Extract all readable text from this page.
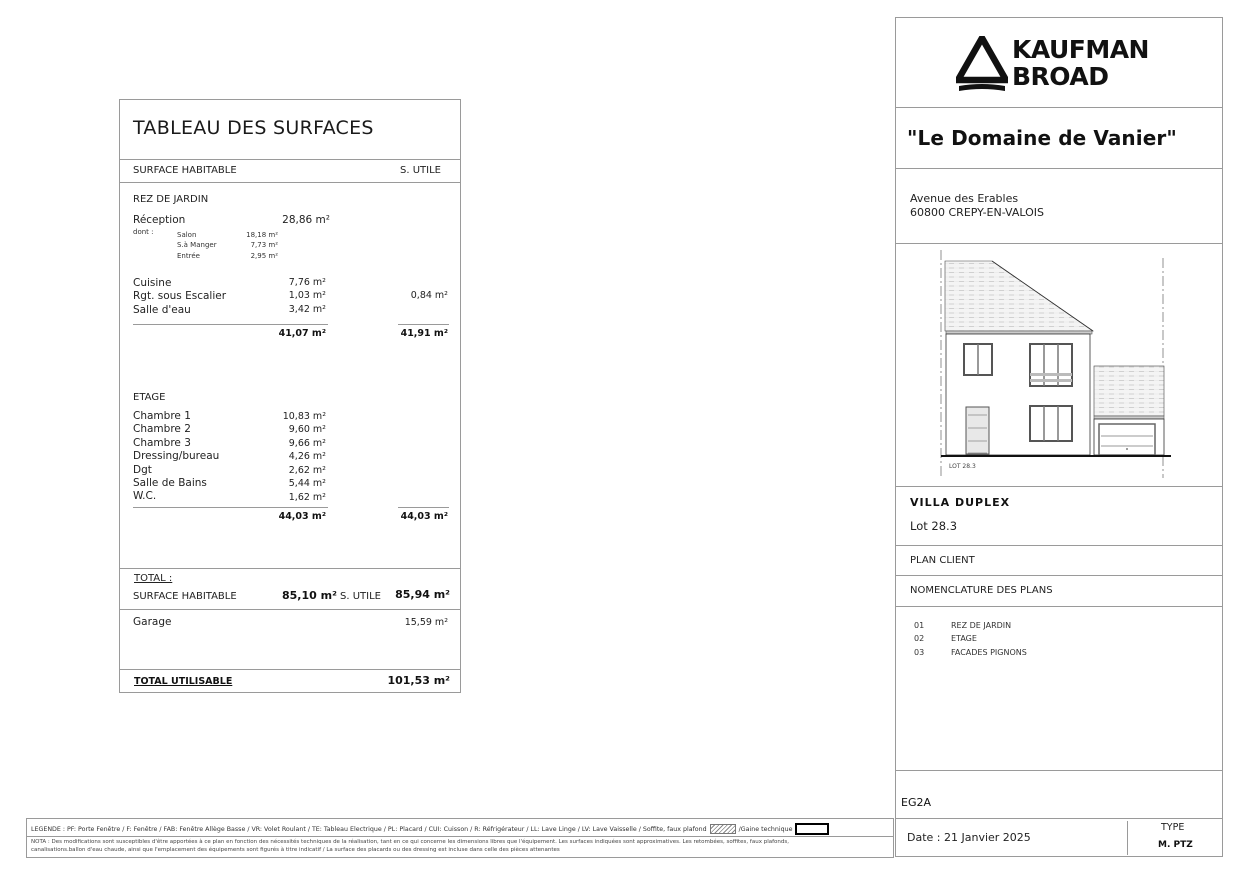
TABLEAU DES SURFACES
SURFACE HABITABLE	S. UTILE
REZ DE JARDIN
Réception	28,86 m²
dont :	Salon	18,18 m²
S.à Manger	7,73 m²
Entrée	2,95 m²
Cuisine	7,76 m²
Rgt. sous Escalier	1,03 m²	0,84 m²
Salle d'eau	3,42 m²
41,07 m²	41,91 m²
ETAGE
Chambre 1	10,83 m²
Chambre 2	9,60 m²
Chambre 3	9,66 m²
Dressing/bureau	4,26 m²
Dgt	2,62 m²
Salle de Bains	5,44 m²
W.C.	1,62 m²
44,03 m²	44,03 m²
TOTAL :
SURFACE HABITABLE	85,10 m² S. UTILE	85,94 m²
Garage	15,59 m²
TOTAL UTILISABLE	101,53 m²
KAUFMAN
BROAD
"Le Domaine de Vanier"
Avenue des Erables
60800 CREPY-EN-VALOIS
LOT 28.3
VILLA DUPLEX
Lot 28.3
PLAN CLIENT
NOMENCLATURE DES PLANS
01	REZ DE JARDIN
02	ETAGE
03	FACADES PIGNONS
EG2A
Date : 21 Janvier 2025
TYPE
M. PTZ
LEGENDE : PF: Porte Fenêtre / F: Fenêtre / FAB: Fenêtre Allège Basse / VR: Volet Roulant / TE: Tableau Electrique / PL: Placard / CUI: Cuisson / R: Réfrigérateur / LL: Lave Linge / LV: Lave Vaisselle / Soffite, faux plafond	/Gaine technique
NOTA : Des modifications sont susceptibles d'être apportées à ce plan en fonction des nécessités techniques de la réalisation, tant en ce qui concerne les dimensions libres que l'équipement. Les surfaces indiquées sont approximatives. Les retombées, soffites, faux plafonds,
canalisations.ballon d'eau chaude, ainsi que l'emplacement des équipements sont figurés à titre indicatif / La surface des placards ou des dressing est incluse dans celle des pièces attenantes
